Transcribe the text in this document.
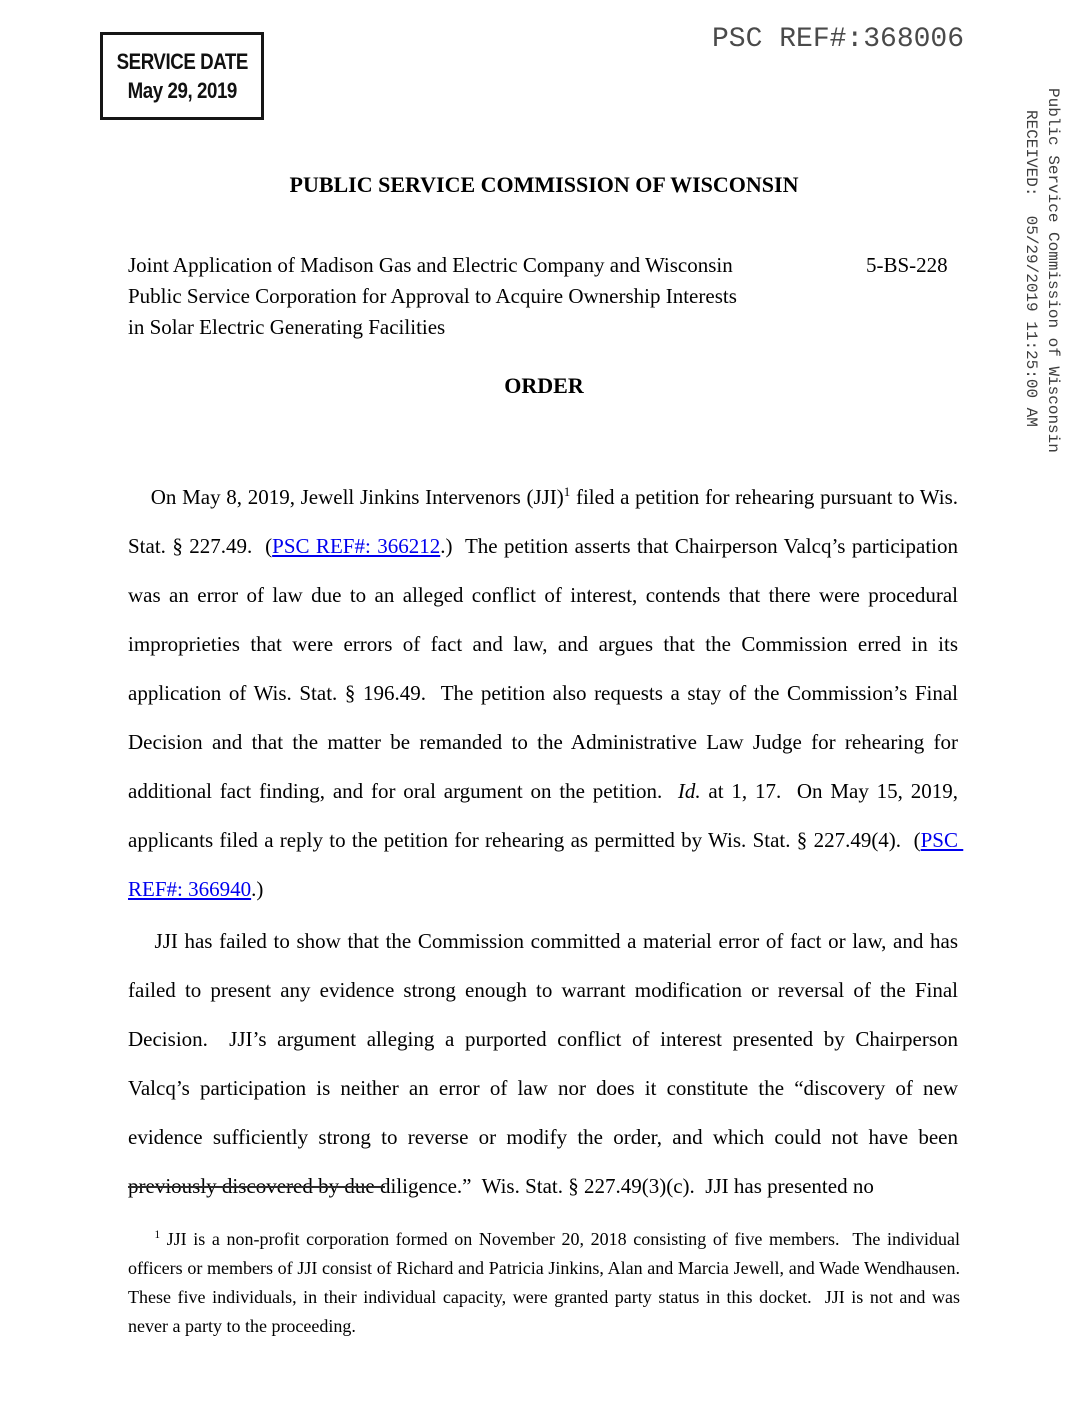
SERVICE DATE
May 29, 2019
PSC REF#:368006
Public Service Commission of Wisconsin
RECEIVED:  05/29/2019 11:25:00 AM
PUBLIC SERVICE COMMISSION OF WISCONSIN
Joint Application of Madison Gas and Electric Company and Wisconsin
Public Service Corporation for Approval to Acquire Ownership Interests
in Solar Electric Generating Facilities
5-BS-228
ORDER

On May 8, 2019, Jewell Jinkins Intervenors (JJI)$^1$ filed a petition for rehearing pursuant to Wis. Stat. § 227.49.  (PSC REF#: 366212.)  The petition asserts that Chairperson Valcq’s participation was an error of law due to an alleged conflict of interest, contends that there were procedural improprieties that were errors of fact and law, and argues that the Commission erred in its application of Wis. Stat. § 196.49.  The petition also requests a stay of the Commission’s Final Decision and that the matter be remanded to the Administrative Law Judge for rehearing for additional fact finding, and for oral argument on the petition.  Id. at 1, 17.  On May 15, 2019, applicants filed a reply to the petition for rehearing as permitted by Wis. Stat. § 227.49(4).  (PSC REF#: 366940.)

JJI has failed to show that the Commission committed a material error of fact or law, and has failed to present any evidence strong enough to warrant modification or reversal of the Final Decision.  JJI’s argument alleging a purported conflict of interest presented by Chairperson Valcq’s participation is neither an error of law nor does it constitute the “discovery of new evidence sufficiently strong to reverse or modify the order, and which could not have been previously discovered by due diligence.”  Wis. Stat. § 227.49(3)(c).  JJI has presented no

$^1$ JJI is a non-profit corporation formed on November 20, 2018 consisting of five members.  The individual officers or members of JJI consist of Richard and Patricia Jinkins, Alan and Marcia Jewell, and Wade Wendhausen.  These five individuals, in their individual capacity, were granted party status in this docket.  JJI is not and was never a party to the proceeding.
